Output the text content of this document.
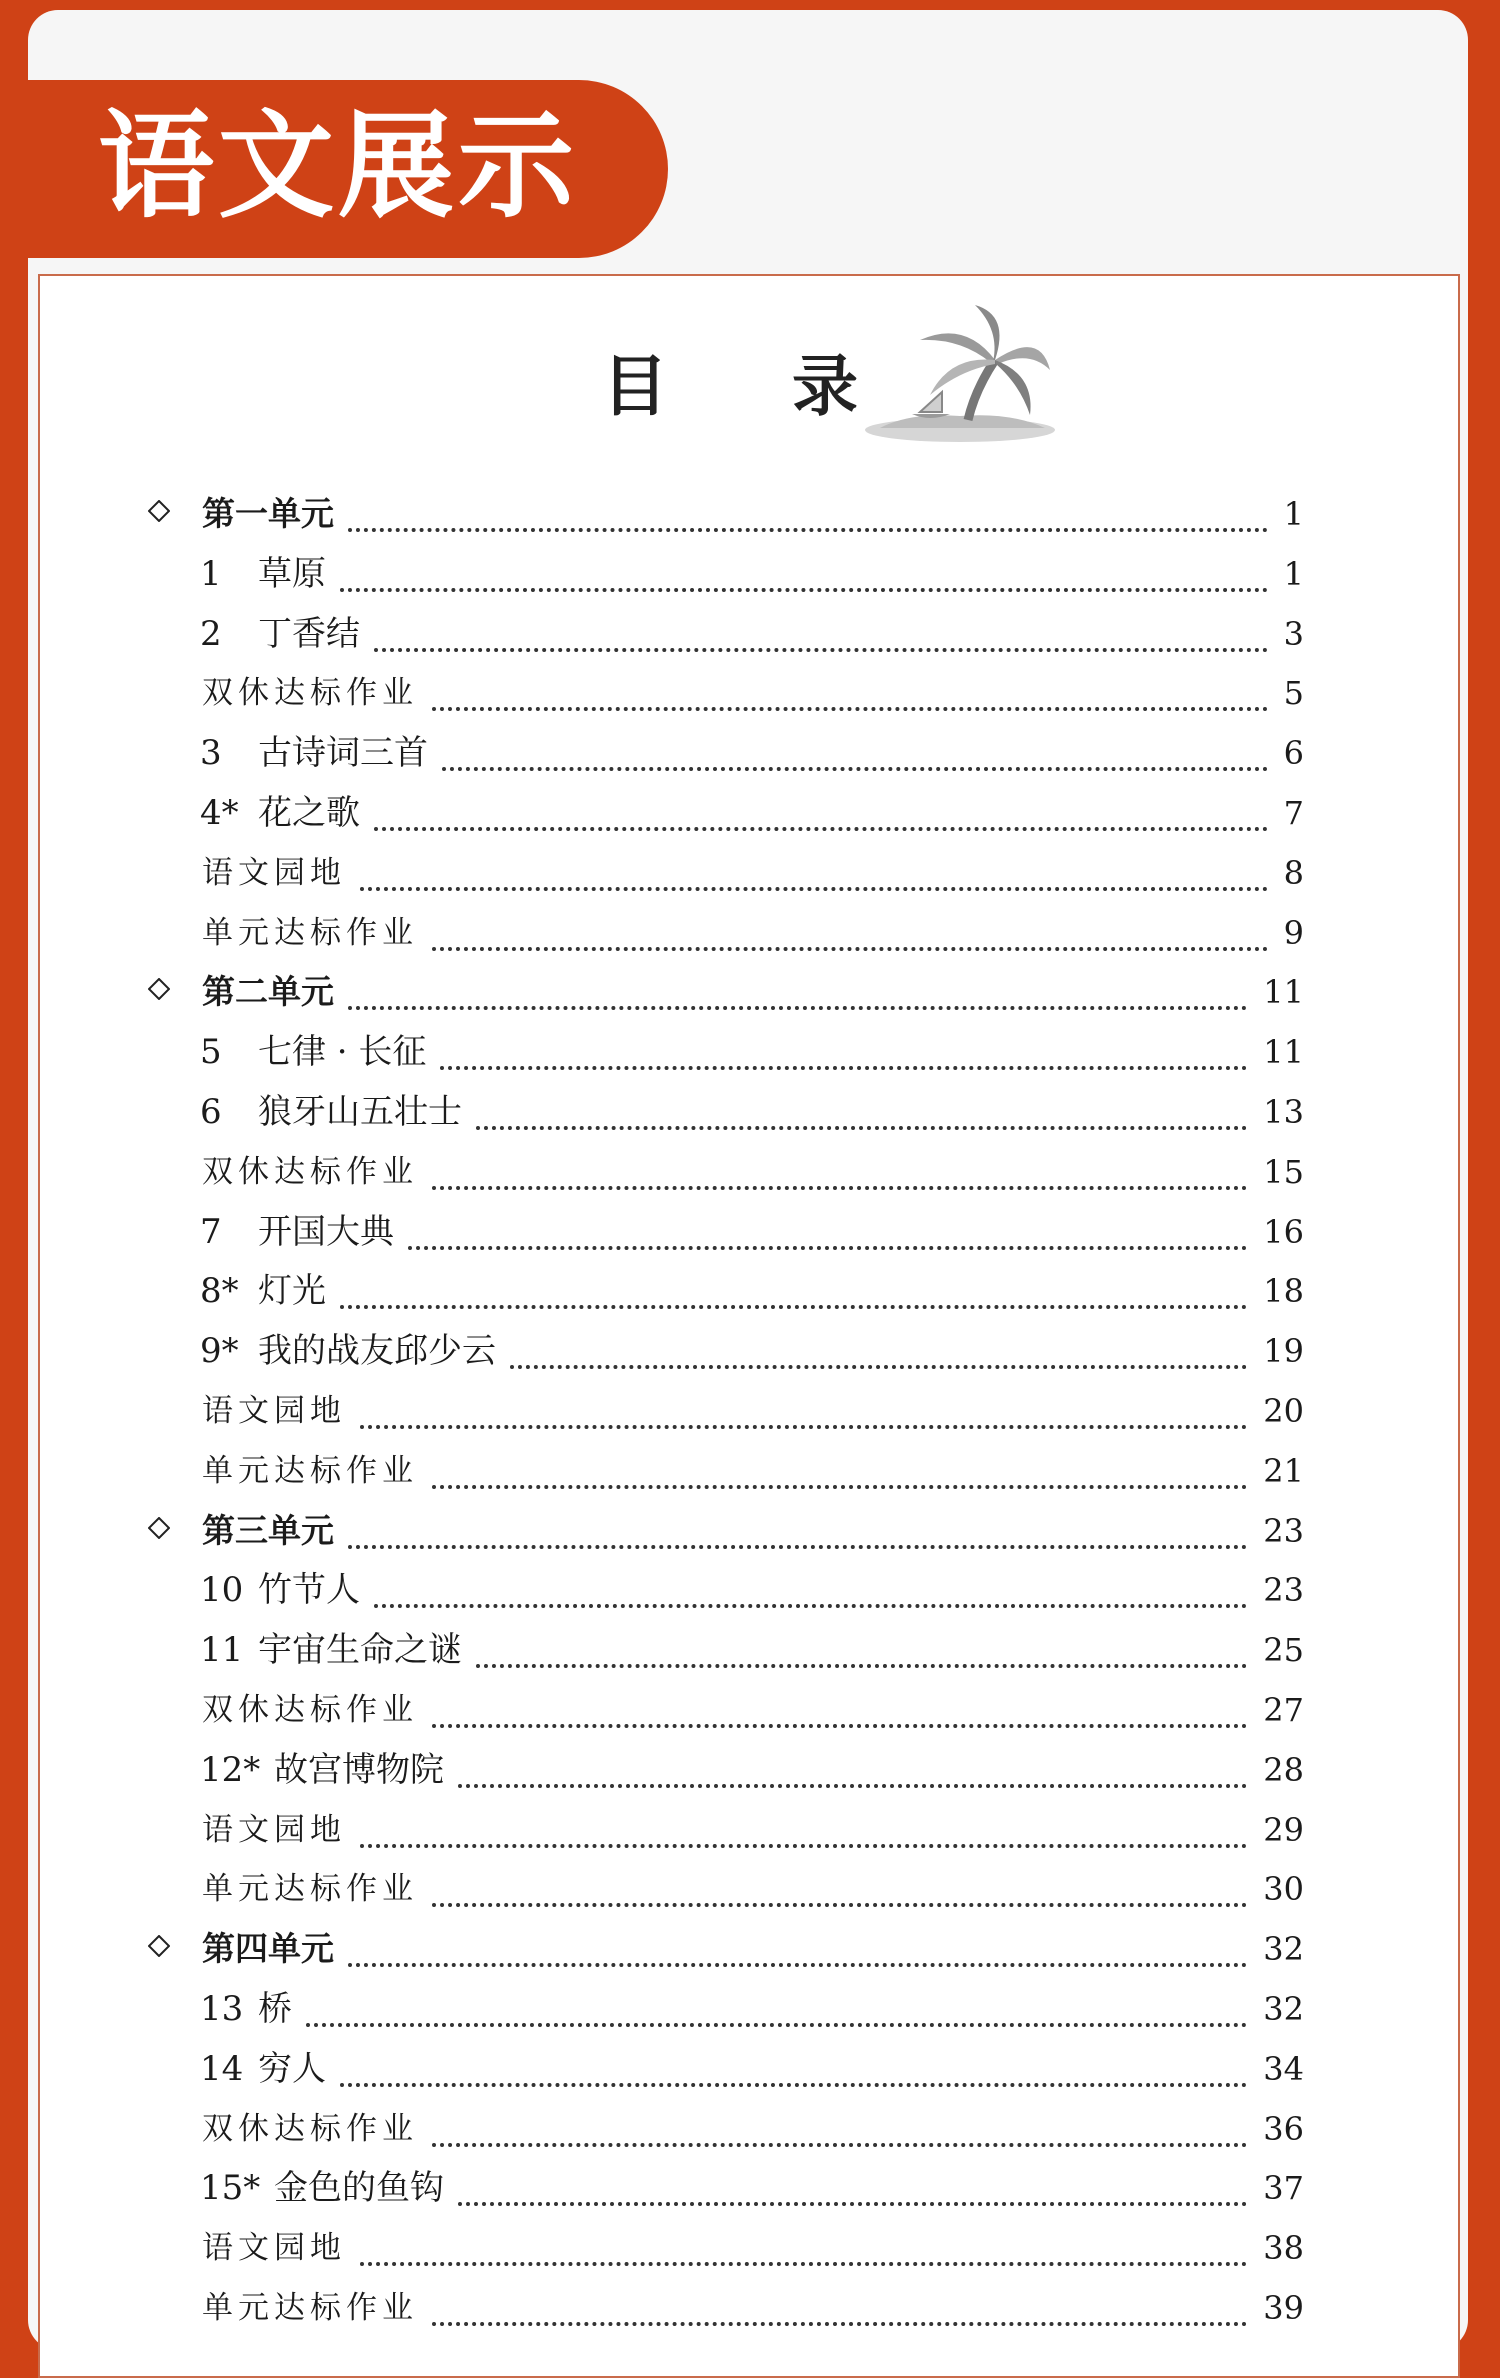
语文展示
目 录
第一单元	1
1 草原	1
2 丁香结	3
双休达标作业	5
3 古诗词三首	6
4* 花之歌	7
语文园地	8
单元达标作业	9
第二单元	11
5 七律 · 长征	11
6 狼牙山五壮士	13
双休达标作业	15
7 开国大典	16
8* 灯光	18
9* 我的战友邱少云	19
语文园地	20
单元达标作业	21
第三单元	23
10 竹节人	23
11 宇宙生命之谜	25
双休达标作业	27
12* 故宫博物院	28
语文园地	29
单元达标作业	30
第四单元	32
13 桥	32
14 穷人	34
双休达标作业	36
15* 金色的鱼钩	37
语文园地	38
单元达标作业	39
